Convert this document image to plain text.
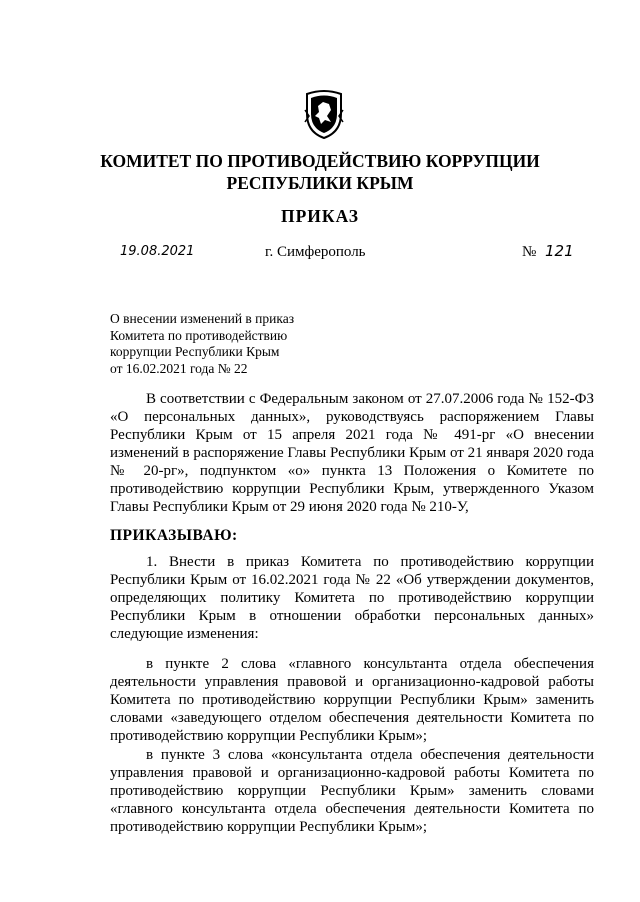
КОМИТЕТ ПО ПРОТИВОДЕЙСТВИЮ КОРРУПЦИИ
РЕСПУБЛИКИ КРЫМ
ПРИКАЗ
19.08.2021	г. Симферополь	№ 121
О внесении изменений в приказ
Комитета по противодействию
коррупции Республики Крым
от 16.02.2021 года № 22
В соответствии с Федеральным законом от 27.07.2006 года № 152-ФЗ «О персональных данных», руководствуясь распоряжением Главы Республики Крым от 15 апреля 2021 года № 491-рг «О внесении изменений в распоряжение Главы Республики Крым от 21 января 2020 года № 20-рг», подпунктом «о» пункта 13 Положения о Комитете по противодействию коррупции Республики Крым, утвержденного Указом Главы Республики Крым от 29 июня 2020 года № 210-У,
ПРИКАЗЫВАЮ:
1. Внести в приказ Комитета по противодействию коррупции Республики Крым от 16.02.2021 года № 22 «Об утверждении документов, определяющих политику Комитета по противодействию коррупции Республики Крым в отношении обработки персональных данных» следующие изменения:
в пункте 2 слова «главного консультанта отдела обеспечения деятельности управления правовой и организационно-кадровой работы Комитета по противодействию коррупции Республики Крым» заменить словами «заведующего отделом обеспечения деятельности Комитета по противодействию коррупции Республики Крым»;
в пункте 3 слова «консультанта отдела обеспечения деятельности управления правовой и организационно-кадровой работы Комитета по противодействию коррупции Республики Крым» заменить словами «главного консультанта отдела обеспечения деятельности Комитета по противодействию коррупции Республики Крым»;
